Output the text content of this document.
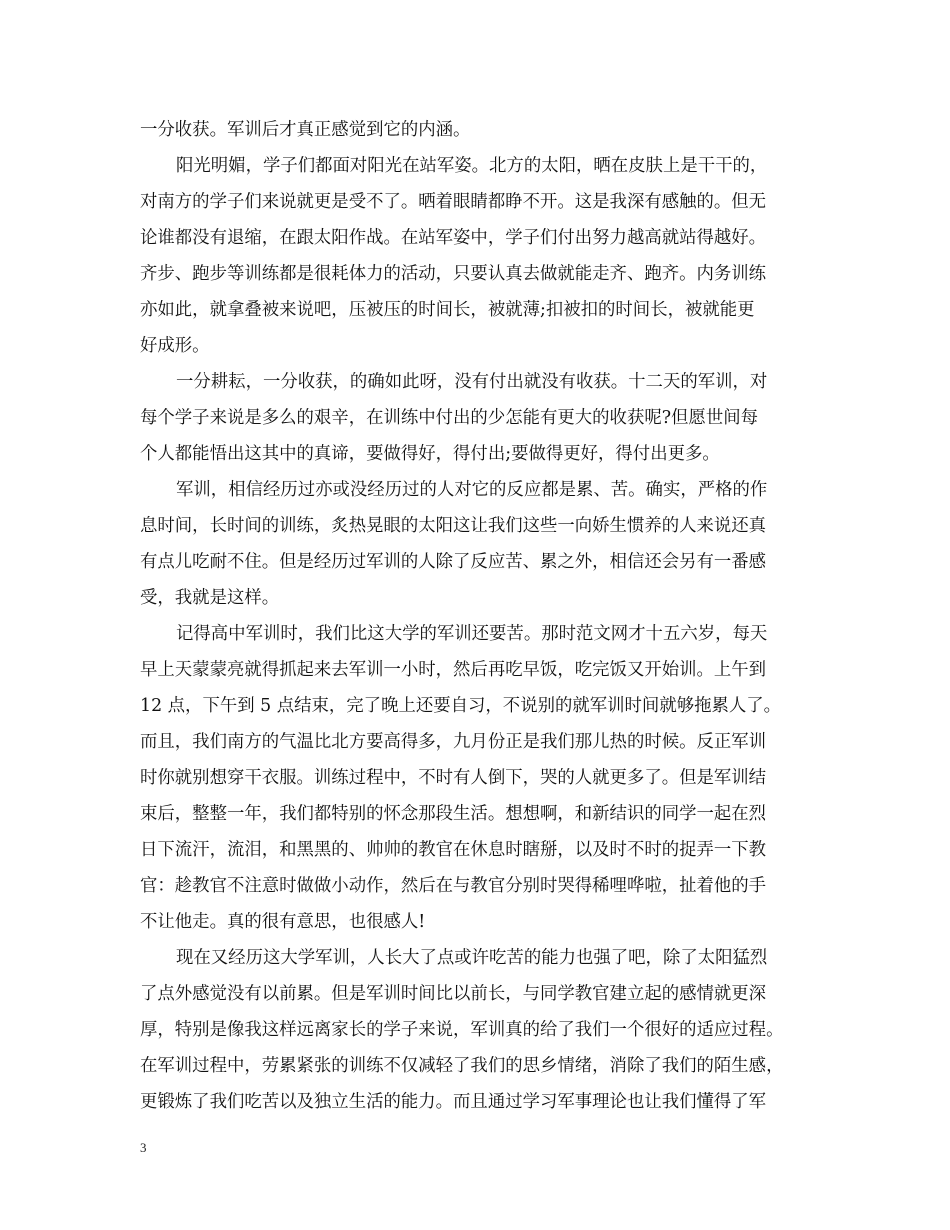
一分收获。军训后才真正感觉到它的内涵。
阳光明媚，学子们都面对阳光在站军姿。北方的太阳，晒在皮肤上是干干的，
对南方的学子们来说就更是受不了。晒着眼睛都睁不开。这是我深有感触的。但无
论谁都没有退缩，在跟太阳作战。在站军姿中，学子们付出努力越高就站得越好。
齐步、跑步等训练都是很耗体力的活动，只要认真去做就能走齐、跑齐。内务训练
亦如此，就拿叠被来说吧，压被压的时间长，被就薄;扣被扣的时间长，被就能更
好成形。
一分耕耘，一分收获，的确如此呀，没有付出就没有收获。十二天的军训，对
每个学子来说是多么的艰辛，在训练中付出的少怎能有更大的收获呢?但愿世间每
个人都能悟出这其中的真谛，要做得好，得付出;要做得更好，得付出更多。
军训，相信经历过亦或没经历过的人对它的反应都是累、苦。确实，严格的作
息时间，长时间的训练，炙热晃眼的太阳这让我们这些一向娇生惯养的人来说还真
有点儿吃耐不住。但是经历过军训的人除了反应苦、累之外，相信还会另有一番感
受，我就是这样。
记得高中军训时，我们比这大学的军训还要苦。那时范文网才十五六岁，每天
早上天蒙蒙亮就得抓起来去军训一小时，然后再吃早饭，吃完饭又开始训。上午到
12 点，下午到 5 点结束，完了晚上还要自习，不说别的就军训时间就够拖累人了。
而且，我们南方的气温比北方要高得多，九月份正是我们那儿热的时候。反正军训
时你就别想穿干衣服。训练过程中，不时有人倒下，哭的人就更多了。但是军训结
束后，整整一年，我们都特别的怀念那段生活。想想啊，和新结识的同学一起在烈
日下流汗，流泪，和黑黑的、帅帅的教官在休息时瞎掰，以及时不时的捉弄一下教
官：趁教官不注意时做做小动作，然后在与教官分别时哭得稀哩哗啦，扯着他的手
不让他走。真的很有意思，也很感人!
现在又经历这大学军训，人长大了点或许吃苦的能力也强了吧，除了太阳猛烈
了点外感觉没有以前累。但是军训时间比以前长，与同学教官建立起的感情就更深
厚，特别是像我这样远离家长的学子来说，军训真的给了我们一个很好的适应过程。
在军训过程中，劳累紧张的训练不仅减轻了我们的思乡情绪，消除了我们的陌生感，
更锻炼了我们吃苦以及独立生活的能力。而且通过学习军事理论也让我们懂得了军
3
